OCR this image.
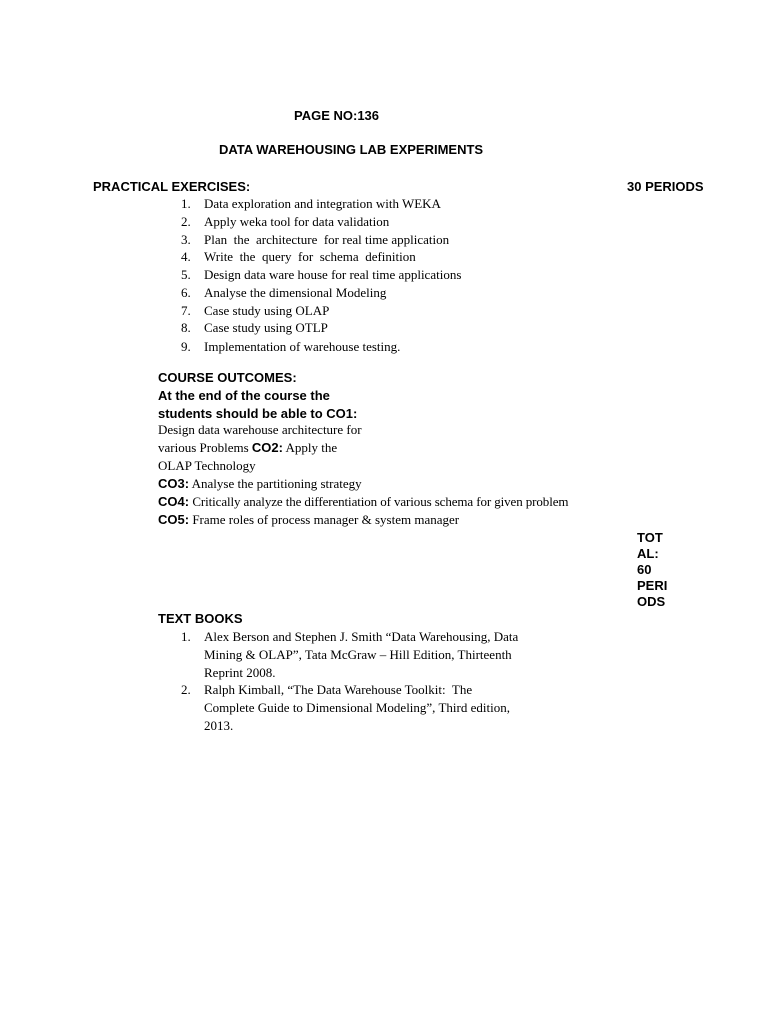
PAGE NO:136
DATA WAREHOUSING LAB EXPERIMENTS
PRACTICAL EXERCISES:	30 PERIODS
1. Data exploration and integration with WEKA
2. Apply weka tool for data validation
3. Plan  the  architecture  for real time application
4. Write  the  query  for  schema  definition
5. Design data ware house for real time applications
6. Analyse the dimensional Modeling
7. Case study using OLAP
8. Case study using OTLP
9. Implementation of warehouse testing.
COURSE OUTCOMES:
At the end of the course the
students should be able to CO1:
Design data warehouse architecture for
various Problems CO2: Apply the
OLAP Technology
CO3: Analyse the partitioning strategy
CO4: Critically analyze the differentiation of various schema for given problem
CO5: Frame roles of process manager & system manager
TOT
AL:
60
PERI
ODS
TEXT BOOKS
1. Alex Berson and Stephen J. Smith “Data Warehousing, Data
Mining & OLAP”, Tata McGraw – Hill Edition, Thirteenth
Reprint 2008.
2. Ralph Kimball, “The Data Warehouse Toolkit:  The
Complete Guide to Dimensional Modeling”, Third edition,
2013.
